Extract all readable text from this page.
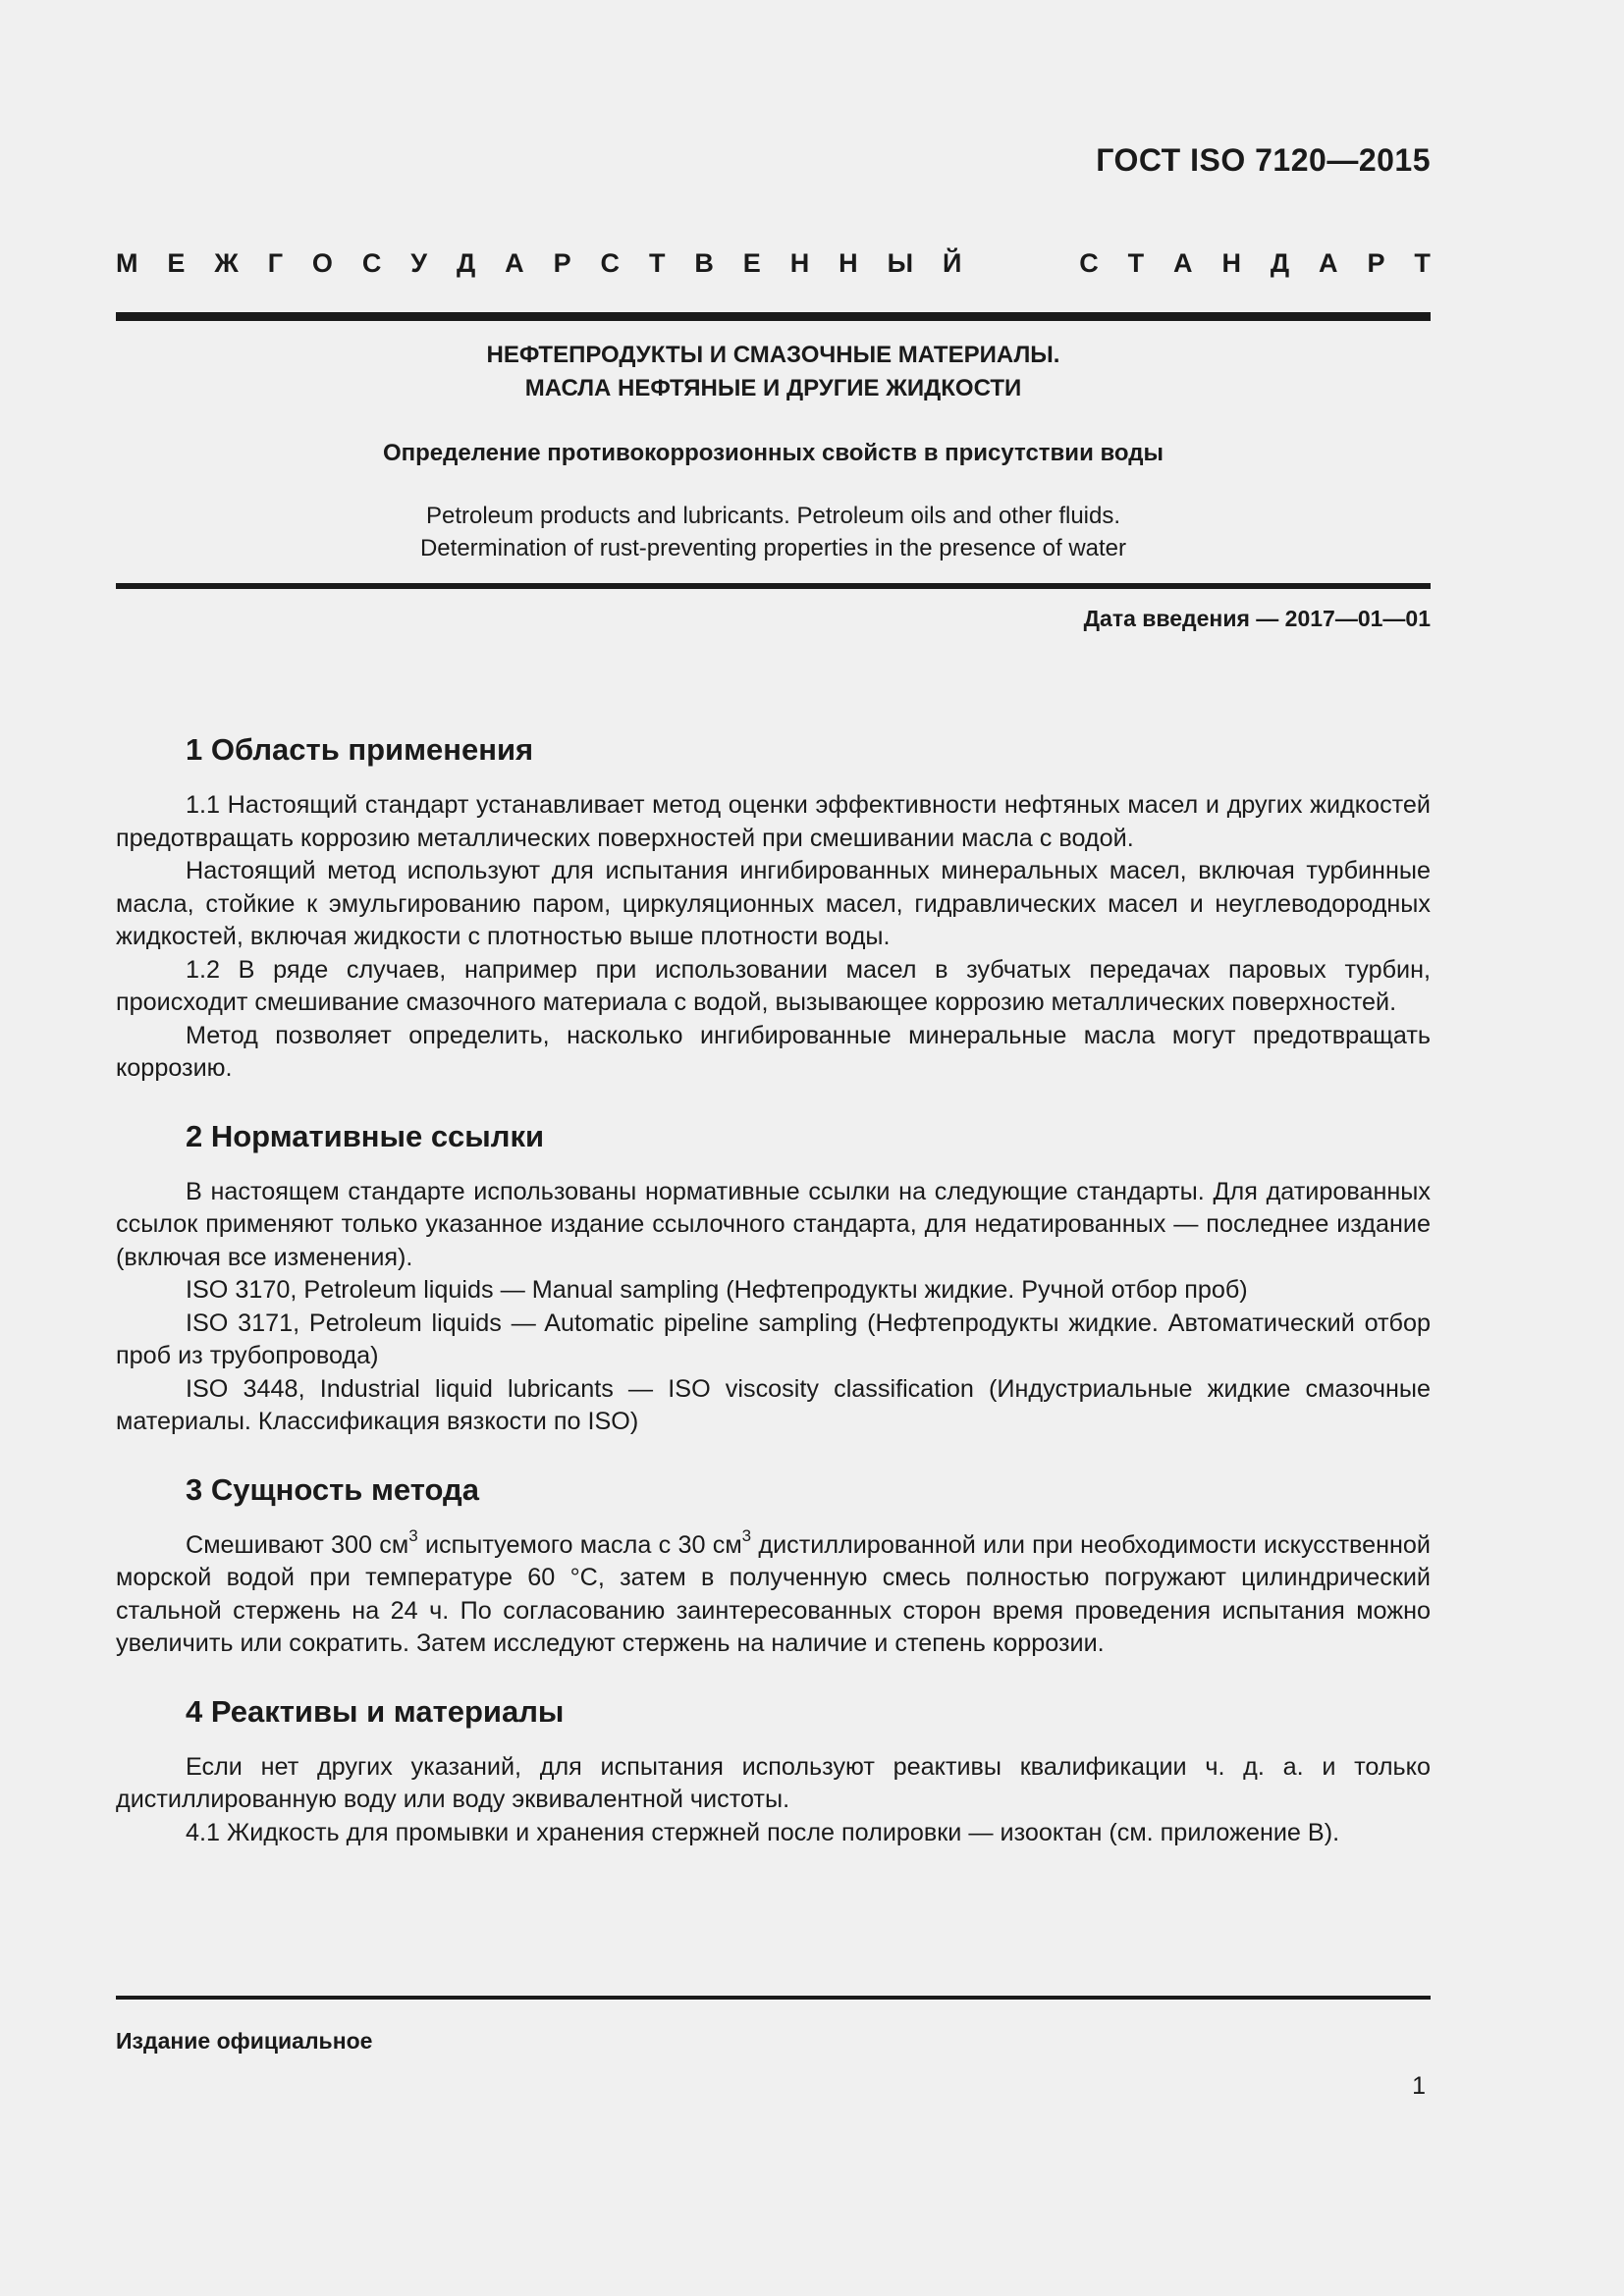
ГОСТ ISO 7120—2015

М Е Ж Г О С У Д А Р С Т В Е Н Н Ы Й	С Т А Н Д А Р Т
НЕФТЕПРОДУКТЫ И СМАЗОЧНЫЕ МАТЕРИАЛЫ.
МАСЛА НЕФТЯНЫЕ И ДРУГИЕ ЖИДКОСТИ
Определение противокоррозионных свойств в присутствии воды
Petroleum products and lubricants. Petroleum oils and other fluids.
Determination of rust-preventing properties in the presence of water

Дата введения — 2017—01—01

1 Область применения

1.1 Настоящий стандарт устанавливает метод оценки эффективности нефтяных масел и других жидкостей предотвращать коррозию металлических поверхностей при смешивании масла с водой.

Настоящий метод используют для испытания ингибированных минеральных масел, включая турбинные масла, стойкие к эмульгированию паром, циркуляционных масел, гидравлических масел и неуглеводородных жидкостей, включая жидкости с плотностью выше плотности воды.

1.2 В ряде случаев, например при использовании масел в зубчатых передачах паровых турбин, происходит смешивание смазочного материала с водой, вызывающее коррозию металлических поверхностей.

Метод позволяет определить, насколько ингибированные минеральные масла могут предотвращать коррозию.

2 Нормативные ссылки

В настоящем стандарте использованы нормативные ссылки на следующие стандарты. Для датированных ссылок применяют только указанное издание ссылочного стандарта, для недатированных — последнее издание (включая все изменения).

ISO 3170, Petroleum liquids — Manual sampling (Нефтепродукты жидкие. Ручной отбор проб)

ISO 3171, Petroleum liquids — Automatic pipeline sampling (Нефтепродукты жидкие. Автоматический отбор проб из трубопровода)

ISO 3448, Industrial liquid lubricants — ISO viscosity classification (Индустриальные жидкие смазочные материалы. Классификация вязкости по ISO)

3 Сущность метода

Смешивают 300 $см^3$ испытуемого масла с 30 $см^3$ дистиллированной или при необходимости искусственной морской водой при температуре 60 °С, затем в полученную смесь полностью погружают цилиндрический стальной стержень на 24 ч. По согласованию заинтересованных сторон время проведения испытания можно увеличить или сократить. Затем исследуют стержень на наличие и степень коррозии.

4 Реактивы и материалы

Если нет других указаний, для испытания используют реактивы квалификации ч. д. а. и только дистиллированную воду или воду эквивалентной чистоты.

4.1 Жидкость для промывки и хранения стержней после полировки — изооктан (см. приложение В).

Издание официальное

1
